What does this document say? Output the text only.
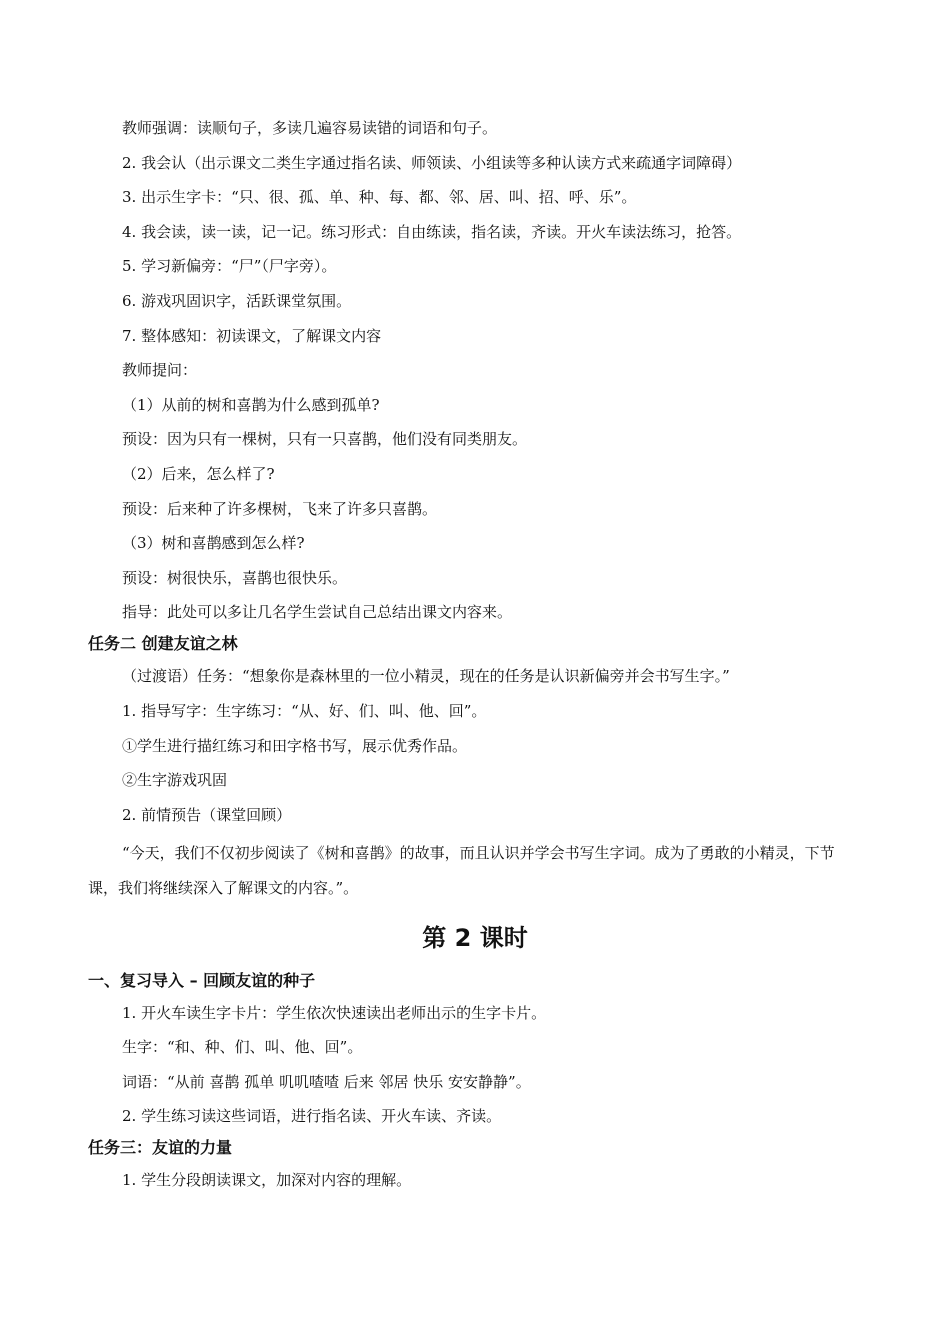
教师强调：读顺句子，多读几遍容易读错的词语和句子。

2. 我会认（出示课文二类生字通过指名读、师领读、小组读等多种认读方式来疏通字词障碍）

3. 出示生字卡：“只、很、孤、单、种、每、都、邻、居、叫、招、呼、乐”。

4. 我会读，读一读，记一记。练习形式：自由练读，指名读，齐读。开火车读法练习，抢答。

5. 学习新偏旁：“尸”（尸字旁）。

6. 游戏巩固识字，活跃课堂氛围。

7. 整体感知：初读课文，了解课文内容

教师提问：

（1）从前的树和喜鹊为什么感到孤单?

预设：因为只有一棵树，只有一只喜鹊，他们没有同类朋友。

（2）后来，怎么样了?

预设：后来种了许多棵树，飞来了许多只喜鹊。

（3）树和喜鹊感到怎么样?

预设：树很快乐，喜鹊也很快乐。

指导：此处可以多让几名学生尝试自己总结出课文内容来。

任务二 创建友谊之林

（过渡语）任务：“想象你是森林里的一位小精灵，现在的任务是认识新偏旁并会书写生字。”

1. 指导写字：生字练习：“从、好、们、叫、他、回”。

①学生进行描红练习和田字格书写，展示优秀作品。

②生字游戏巩固

2. 前情预告（课堂回顾）

“今天，我们不仅初步阅读了《树和喜鹊》的故事，而且认识并学会书写生字词。成为了勇敢的小精灵，下节课，我们将继续深入了解课文的内容。”。

第 2 课时
一、复习导入 – 回顾友谊的种子

1. 开火车读生字卡片：学生依次快速读出老师出示的生字卡片。

生字：“和、种、们、叫、他、回”。

词语：“从前 喜鹊 孤单 叽叽喳喳 后来 邻居 快乐 安安静静”。

2. 学生练习读这些词语，进行指名读、开火车读、齐读。

任务三：友谊的力量

1. 学生分段朗读课文，加深对内容的理解。
